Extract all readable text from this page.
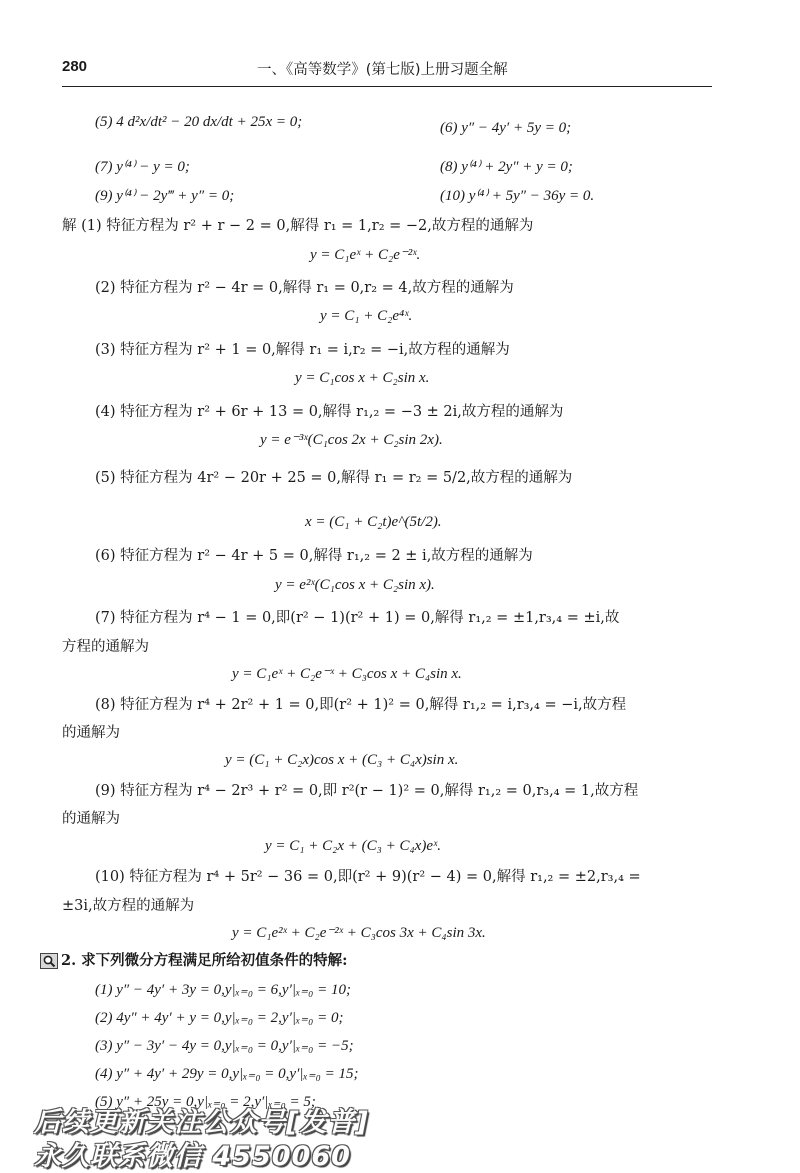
280	一、《高等数学》(第七版)上册习题全解
(5) 4 d²x/dt² − 20 dx/dt + 25x = 0;	(6) y″ − 4y′ + 5y = 0;
(7) y⁽⁴⁾ − y = 0;	(8) y⁽⁴⁾ + 2y″ + y = 0;
(9) y⁽⁴⁾ − 2y‴ + y″ = 0;	(10) y⁽⁴⁾ + 5y″ − 36y = 0.
解 (1) 特征方程为 r² + r − 2 = 0,解得 r₁ = 1,r₂ = −2,故方程的通解为
y = C₁eˣ + C₂e⁻²ˣ.
(2) 特征方程为 r² − 4r = 0,解得 r₁ = 0,r₂ = 4,故方程的通解为
y = C₁ + C₂e⁴ˣ.
(3) 特征方程为 r² + 1 = 0,解得 r₁ = i,r₂ = −i,故方程的通解为
y = C₁cos x + C₂sin x.
(4) 特征方程为 r² + 6r + 13 = 0,解得 r₁,₂ = −3 ± 2i,故方程的通解为
y = e⁻³ˣ(C₁cos 2x + C₂sin 2x).
(5) 特征方程为 4r² − 20r + 25 = 0,解得 r₁ = r₂ = 5/2,故方程的通解为
x = (C₁ + C₂t)e^(5t/2).
(6) 特征方程为 r² − 4r + 5 = 0,解得 r₁,₂ = 2 ± i,故方程的通解为
y = e²ˣ(C₁cos x + C₂sin x).
(7) 特征方程为 r⁴ − 1 = 0,即(r² − 1)(r² + 1) = 0,解得 r₁,₂ = ±1,r₃,₄ = ±i,故
方程的通解为
y = C₁eˣ + C₂e⁻ˣ + C₃cos x + C₄sin x.
(8) 特征方程为 r⁴ + 2r² + 1 = 0,即(r² + 1)² = 0,解得 r₁,₂ = i,r₃,₄ = −i,故方程
的通解为
y = (C₁ + C₂x)cos x + (C₃ + C₄x)sin x.
(9) 特征方程为 r⁴ − 2r³ + r² = 0,即 r²(r − 1)² = 0,解得 r₁,₂ = 0,r₃,₄ = 1,故方程
的通解为
y = C₁ + C₂x + (C₃ + C₄x)eˣ.
(10) 特征方程为 r⁴ + 5r² − 36 = 0,即(r² + 9)(r² − 4) = 0,解得 r₁,₂ = ±2,r₃,₄ =
±3i,故方程的通解为
y = C₁e²ˣ + C₂e⁻²ˣ + C₃cos 3x + C₄sin 3x.
2. 求下列微分方程满足所给初值条件的特解:
(1) y″ − 4y′ + 3y = 0,y|ₓ₌₀ = 6,y′|ₓ₌₀ = 10;
(2) 4y″ + 4y′ + y = 0,y|ₓ₌₀ = 2,y′|ₓ₌₀ = 0;
(3) y″ − 3y′ − 4y = 0,y|ₓ₌₀ = 0,y′|ₓ₌₀ = −5;
(4) y″ + 4y′ + 29y = 0,y|ₓ₌₀ = 0,y′|ₓ₌₀ = 15;
(5) y″ + 25y = 0,y|ₓ₌₀ = 2,y′|ₓ₌₀ = 5;
后续更新关注公众号[发普]
永久联系微信 4550060
